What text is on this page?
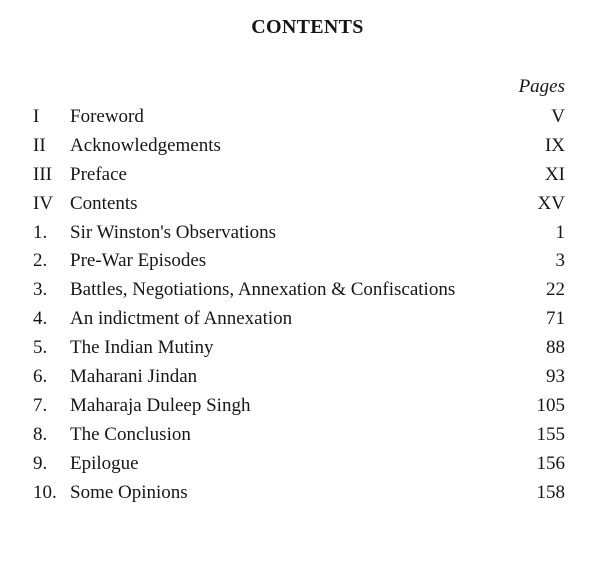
CONTENTS
Pages
I Foreword	V
II Acknowledgements	IX
III Preface	XI
IV Contents	XV
1. Sir Winston's Observations	1
2. Pre-War Episodes	3
3. Battles, Negotiations, Annexation & Confiscations	22
4. An indictment of Annexation	71
5. The Indian Mutiny	88
6. Maharani Jindan	93
7. Maharaja Duleep Singh	105
8. The Conclusion	155
9. Epilogue	156
10. Some Opinions	158
